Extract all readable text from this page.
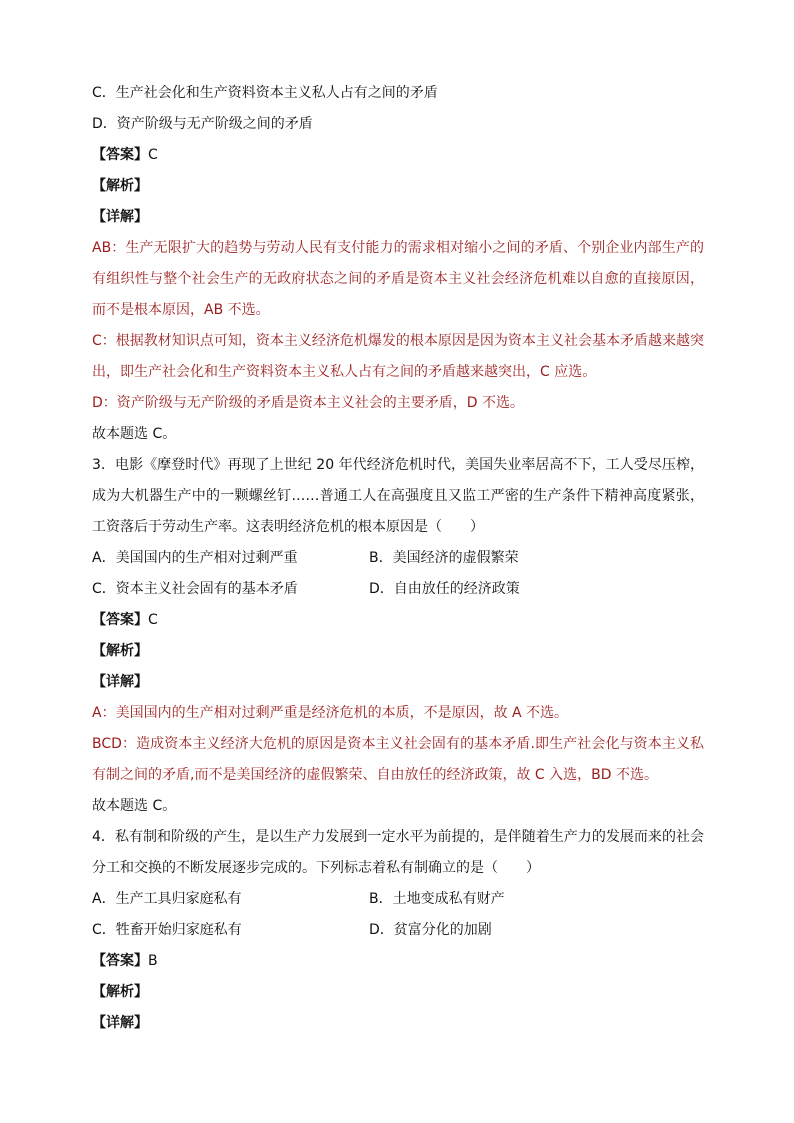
C．生产社会化和生产资料资本主义私人占有之间的矛盾
D．资产阶级与无产阶级之间的矛盾
【答案】C
【解析】
【详解】
AB：生产无限扩大的趋势与劳动人民有支付能力的需求相对缩小之间的矛盾、个别企业内部生产的有组织性与整个社会生产的无政府状态之间的矛盾是资本主义社会经济危机难以自愈的直接原因，而不是根本原因，AB 不选。
C：根据教材知识点可知，资本主义经济危机爆发的根本原因是因为资本主义社会基本矛盾越来越突出，即生产社会化和生产资料资本主义私人占有之间的矛盾越来越突出，C 应选。
D：资产阶级与无产阶级的矛盾是资本主义社会的主要矛盾，D 不选。
故本题选 C。
3．电影《摩登时代》再现了上世纪 20 年代经济危机时代，美国失业率居高不下，工人受尽压榨，成为大机器生产中的一颗螺丝钉……普通工人在高强度且又监工严密的生产条件下精神高度紧张，工资落后于劳动生产率。这表明经济危机的根本原因是（　　）
A．美国国内的生产相对过剩严重	B．美国经济的虚假繁荣
C．资本主义社会固有的基本矛盾	D．自由放任的经济政策
【答案】C
【解析】
【详解】
A：美国国内的生产相对过剩严重是经济危机的本质，不是原因，故 A 不选。
BCD：造成资本主义经济大危机的原因是资本主义社会固有的基本矛盾.即生产社会化与资本主义私有制之间的矛盾,而不是美国经济的虚假繁荣、自由放任的经济政策，故 C 入选，BD 不选。
故本题选 C。
4．私有制和阶级的产生，是以生产力发展到一定水平为前提的，是伴随着生产力的发展而来的社会分工和交换的不断发展逐步完成的。下列标志着私有制确立的是（　　）
A．生产工具归家庭私有	B．土地变成私有财产
C．牲畜开始归家庭私有	D．贫富分化的加剧
【答案】B
【解析】
【详解】
